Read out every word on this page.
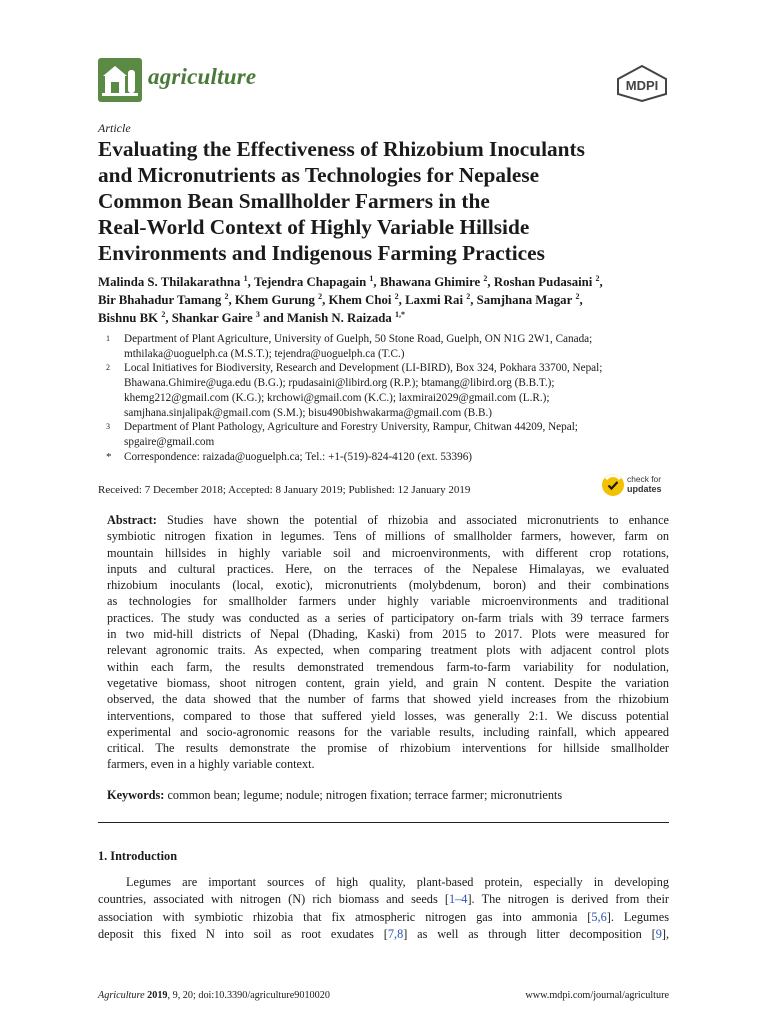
agriculture	MDPI
Article
Evaluating the Effectiveness of Rhizobium Inoculants
and Micronutrients as Technologies for Nepalese
Common Bean Smallholder Farmers in the
Real-World Context of Highly Variable Hillside
Environments and Indigenous Farming Practices
Malinda S. Thilakarathna $^1$, Tejendra Chapagain $^1$, Bhawana Ghimire $^2$, Roshan Pudasaini $^2$,
Bir Bhahadur Tamang $^2$, Khem Gurung $^2$, Khem Choi $^2$, Laxmi Rai $^2$, Samjhana Magar $^2$,
Bishnu BK $^2$, Shankar Gaire $^3$ and Manish N. Raizada $^{1,*}$
1 Department of Plant Agriculture, University of Guelph, 50 Stone Road, Guelph, ON N1G 2W1, Canada;
mthilaka@uoguelph.ca (M.S.T.); tejendra@uoguelph.ca (T.C.)
2 Local Initiatives for Biodiversity, Research and Development (LI-BIRD), Box 324, Pokhara 33700, Nepal;
Bhawana.Ghimire@uga.edu (B.G.); rpudasaini@libird.org (R.P.); btamang@libird.org (B.B.T.);
khemg212@gmail.com (K.G.); krchowi@gmail.com (K.C.); laxmirai2029@gmail.com (L.R.);
samjhana.sinjalipak@gmail.com (S.M.); bisu490bishwakarma@gmail.com (B.B.)
3 Department of Plant Pathology, Agriculture and Forestry University, Rampur, Chitwan 44209, Nepal;
spgaire@gmail.com
* Correspondence: raizada@uoguelph.ca; Tel.: +1-(519)-824-4120 (ext. 53396)
Received: 7 December 2018; Accepted: 8 January 2019; Published: 12 January 2019
check for
updates
Abstract: Studies have shown the potential of rhizobia and associated micronutrients to enhance
symbiotic nitrogen fixation in legumes. Tens of millions of smallholder farmers, however, farm on
mountain hillsides in highly variable soil and microenvironments, with different crop rotations,
inputs and cultural practices. Here, on the terraces of the Nepalese Himalayas, we evaluated
rhizobium inoculants (local, exotic), micronutrients (molybdenum, boron) and their combinations
as technologies for smallholder farmers under highly variable microenvironments and traditional
practices. The study was conducted as a series of participatory on-farm trials with 39 terrace farmers
in two mid-hill districts of Nepal (Dhading, Kaski) from 2015 to 2017. Plots were measured for
relevant agronomic traits. As expected, when comparing treatment plots with adjacent control plots
within each farm, the results demonstrated tremendous farm-to-farm variability for nodulation,
vegetative biomass, shoot nitrogen content, grain yield, and grain N content. Despite the variation
observed, the data showed that the number of farms that showed yield increases from the rhizobium
interventions, compared to those that suffered yield losses, was generally 2:1. We discuss potential
experimental and socio-agronomic reasons for the variable results, including rainfall, which appeared
critical. The results demonstrate the promise of rhizobium interventions for hillside smallholder
farmers, even in a highly variable context.
Keywords: common bean; legume; nodule; nitrogen fixation; terrace farmer; micronutrients
1. Introduction
Legumes are important sources of high quality, plant-based protein, especially in developing
countries, associated with nitrogen (N) rich biomass and seeds [1–4]. The nitrogen is derived from their
association with symbiotic rhizobia that fix atmospheric nitrogen gas into ammonia [5,6]. Legumes
deposit this fixed N into soil as root exudates [7,8] as well as through litter decomposition [9],
Agriculture 2019, 9, 20; doi:10.3390/agriculture9010020	www.mdpi.com/journal/agriculture
